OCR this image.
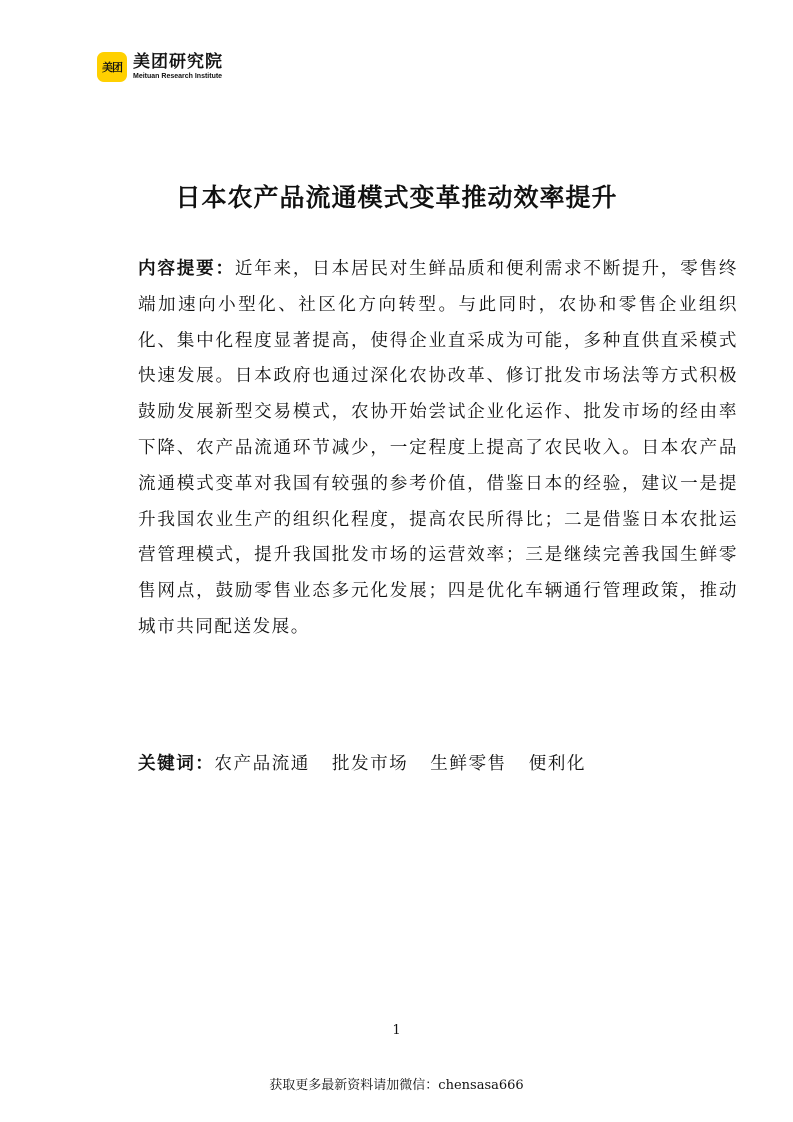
美团 美团研究院
Meituan Research Institute
日本农产品流通模式变革推动效率提升

内容提要：近年来，日本居民对生鲜品质和便利需求不断提升，零售终端加速向小型化、社区化方向转型。与此同时，农协和零售企业组织化、集中化程度显著提高，使得企业直采成为可能，多种直供直采模式快速发展。日本政府也通过深化农协改革、修订批发市场法等方式积极鼓励发展新型交易模式，农协开始尝试企业化运作、批发市场的经由率下降、农产品流通环节减少，一定程度上提高了农民收入。日本农产品流通模式变革对我国有较强的参考价值，借鉴日本的经验，建议一是提升我国农业生产的组织化程度，提高农民所得比；二是借鉴日本农批运营管理模式，提升我国批发市场的运营效率；三是继续完善我国生鲜零售网点，鼓励零售业态多元化发展；四是优化车辆通行管理政策，推动城市共同配送发展。

关键词： 农产品流通 批发市场 生鲜零售 便利化
1
获取更多最新资料请加微信：chensasa666
